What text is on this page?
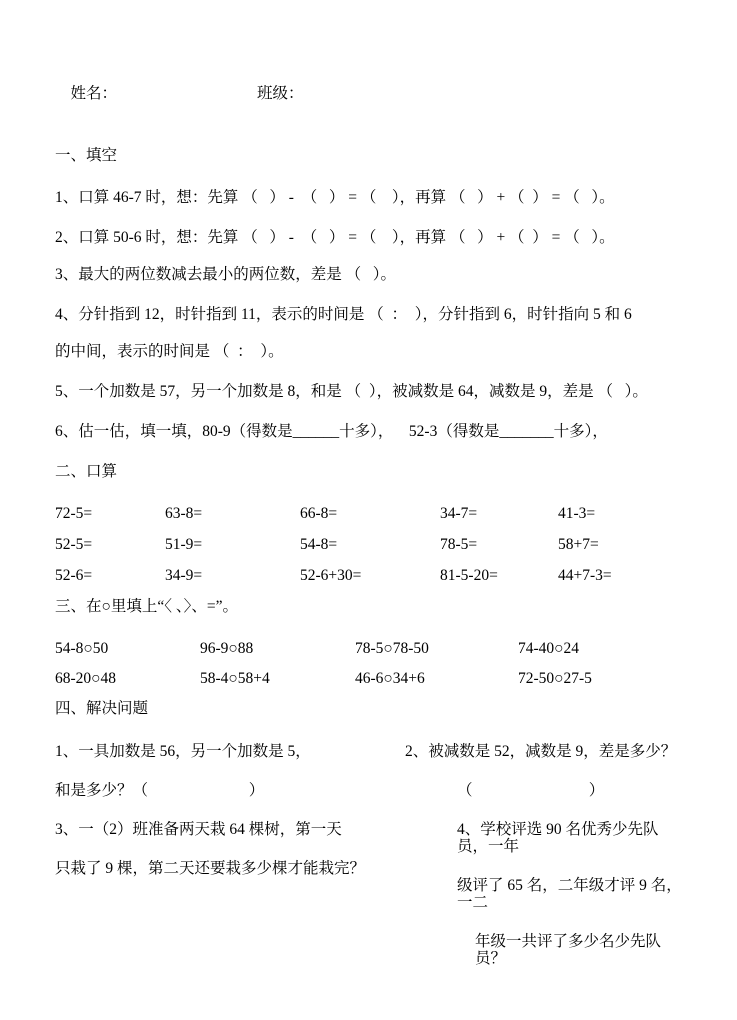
姓名：	班级：

一、填空

1、口算 46-7 时，想：先算 （   ） -  （   ） = （    ），再算 （   ） + （  ） = （   ）。

2、口算 50-6 时，想：先算 （   ） -  （   ） = （    ），再算 （   ） + （  ） = （   ）。

3、最大的两位数减去最小的两位数，差是 （   ）。

4、分针指到 12，时针指到 11，表示的时间是 （  ：  ），分针指到 6，时针指向 5 和 6

的中间，表示的时间是 （  ：  ）。

5、一个加数是 57，另一个加数是 8，和是 （  ），被减数是 64，减数是 9，差是 （   ）。

6、估一估，填一填，80-9（得数是______十多），    52-3（得数是_______十多），

二、口算
72-5=	63-8=	66-8=	34-7=	41-3=
52-5=	51-9=	54-8=	78-5=	58+7=
52-6=	34-9=	52-6+30=	81-5-20=	44+7-3=
三、在○里填上“〈 、〉、=”。
54-8○50	96-9○88	78-5○78-50	74-40○24
68-20○48	58-4○58+4	46-6○34+6	72-50○27-5
四、解决问题

1、一具加数是 56，另一个加数是 5，

和是多少？（                          ）

3、一（2）班准备两天栽 64 棵树，第一天

只栽了 9 棵，第二天还要栽多少棵才能栽完？

2、被减数是 52，减数是 9，差是多少？

（                              ）

4、学校评选 90 名优秀少先队员，一年

级评了 65 名，二年级才评 9 名，一二

年级一共评了多少名少先队员？
